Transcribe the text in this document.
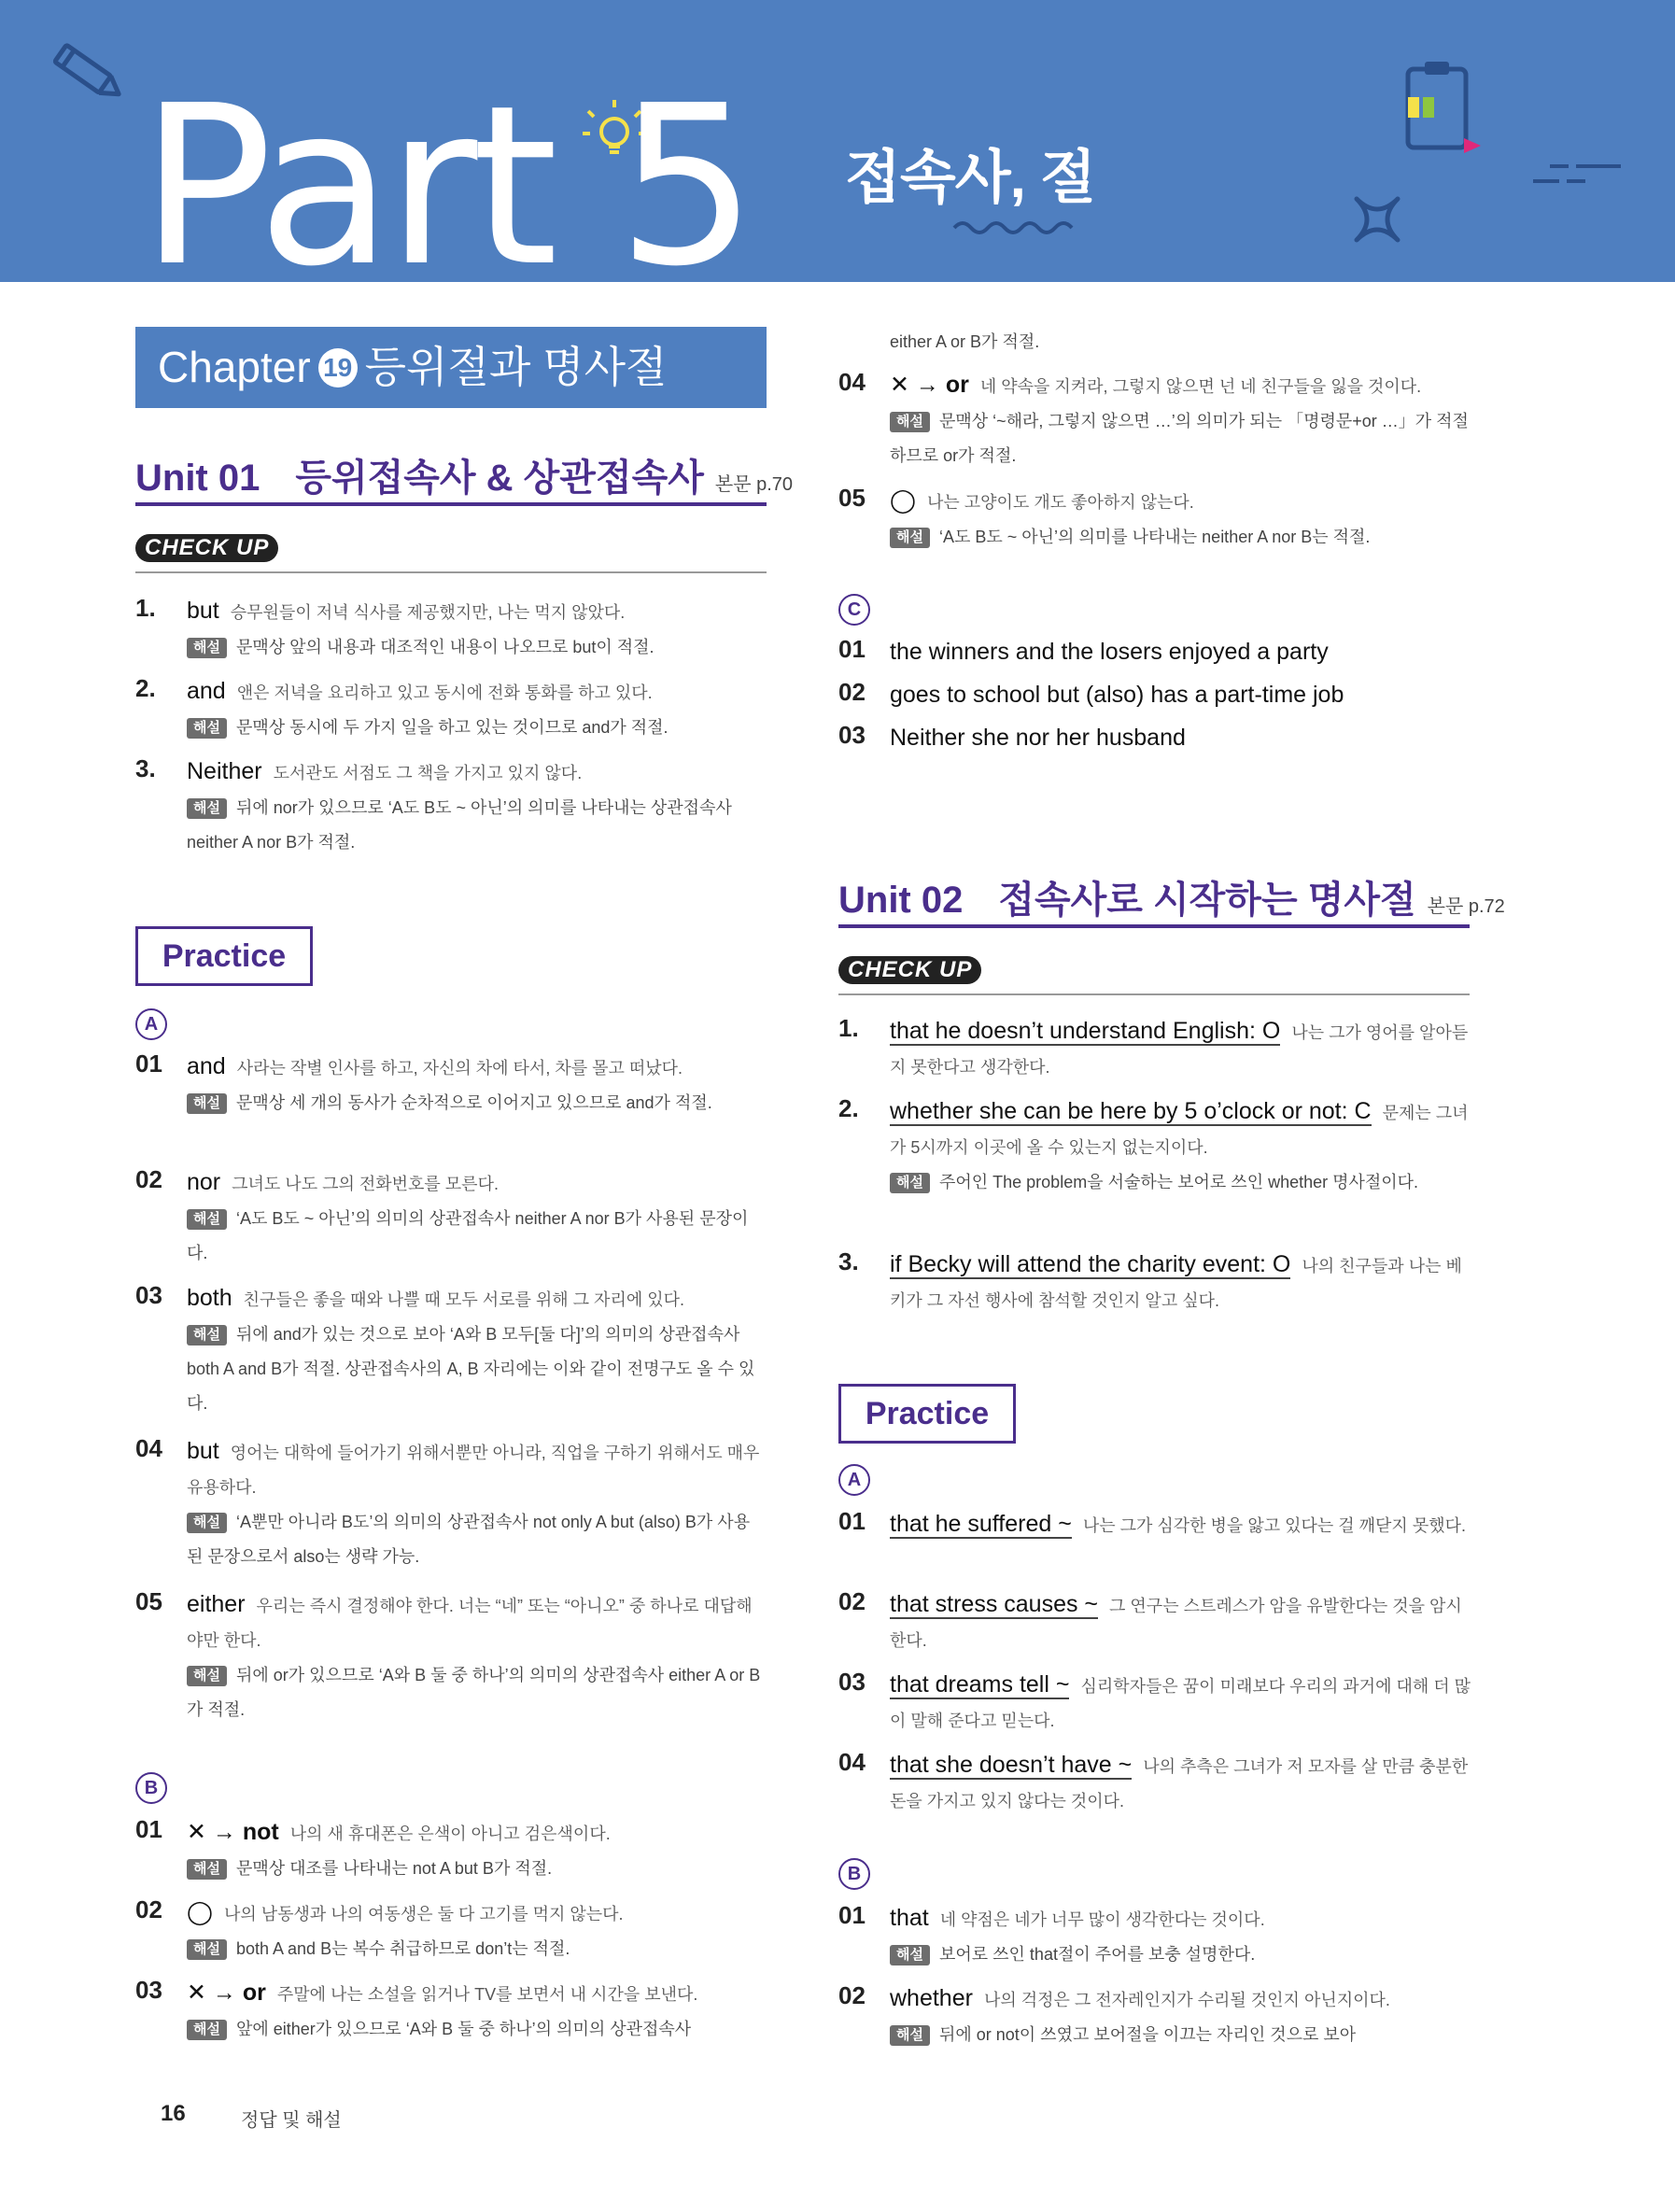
Part 5 접속사, 절
Chapter 19 등위절과 명사절
Unit 01 등위접속사 & 상관접속사 본문 p.70
CHECK UP
1. but 승무원들이 저녁 식사를 제공했지만, 나는 먹지 않았다.
해설 문맥상 앞의 내용과 대조적인 내용이 나오므로 but이 적절.
2. and 앤은 저녁을 요리하고 있고 동시에 전화 통화를 하고 있다.
해설 문맥상 동시에 두 가지 일을 하고 있는 것이므로 and가 적절.
3. Neither 도서관도 서점도 그 책을 가지고 있지 않다.
해설 뒤에 nor가 있으므로 ‘A도 B도 ~ 아닌’의 의미를 나타내는 상관접속사 neither A nor B가 적절.
Practice
A
01 and 사라는 작별 인사를 하고, 자신의 차에 타서, 차를 몰고 떠났다.
해설 문맥상 세 개의 동사가 순차적으로 이어지고 있으므로 and가 적절.
02 nor 그녀도 나도 그의 전화번호를 모른다.
해설 ‘A도 B도 ~ 아닌’의 의미의 상관접속사 neither A nor B가 사용된 문장이다.
03 both 친구들은 좋을 때와 나쁠 때 모두 서로를 위해 그 자리에 있다.
해설 뒤에 and가 있는 것으로 보아 ‘A와 B 모두[둘 다]’의 의미의 상관접속사 both A and B가 적절. 상관접속사의 A, B 자리에는 이와 같이 전명구도 올 수 있다.
04 but 영어는 대학에 들어가기 위해서뿐만 아니라, 직업을 구하기 위해서도 매우 유용하다.
해설 ‘A뿐만 아니라 B도’의 의미의 상관접속사 not only A but (also) B가 사용된 문장으로서 also는 생략 가능.
05 either 우리는 즉시 결정해야 한다. 너는 “네” 또는 “아니오” 중 하나로 대답해야만 한다.
해설 뒤에 or가 있으므로 ‘A와 B 둘 중 하나’의 의미의 상관접속사 either A or B가 적절.
B
01 ✕ → not 나의 새 휴대폰은 은색이 아니고 검은색이다.
해설 문맥상 대조를 나타내는 not A but B가 적절.
02 ◯ 나의 남동생과 나의 여동생은 둘 다 고기를 먹지 않는다.
해설 both A and B는 복수 취급하므로 don’t는 적절.
03 ✕ → or 주말에 나는 소설을 읽거나 TV를 보면서 내 시간을 보낸다.
해설 앞에 either가 있으므로 ‘A와 B 둘 중 하나’의 의미의 상관접속사
either A or B가 적절.
04 ✕ → or 네 약속을 지켜라, 그렇지 않으면 넌 네 친구들을 잃을 것이다.
해설 문맥상 ‘~해라, 그렇지 않으면 …’의 의미가 되는 「명령문+or …」가 적절하므로 or가 적절.
05 ◯ 나는 고양이도 개도 좋아하지 않는다.
해설 ‘A도 B도 ~ 아닌’의 의미를 나타내는 neither A nor B는 적절.
C
01 the winners and the losers enjoyed a party
02 goes to school but (also) has a part-time job
03 Neither she nor her husband
Unit 02 접속사로 시작하는 명사절 본문 p.72
CHECK UP
1. that he doesn’t understand English: O 나는 그가 영어를 알아듣지 못한다고 생각한다.
2. whether she can be here by 5 o’clock or not: C 문제는 그녀가 5시까지 이곳에 올 수 있는지 없는지이다.
해설 주어인 The problem을 서술하는 보어로 쓰인 whether 명사절이다.
3. if Becky will attend the charity event: O 나의 친구들과 나는 베키가 그 자선 행사에 참석할 것인지 알고 싶다.
Practice
A
01 that he suffered ~ 나는 그가 심각한 병을 앓고 있다는 걸 깨닫지 못했다.
02 that stress causes ~ 그 연구는 스트레스가 암을 유발한다는 것을 암시한다.
03 that dreams tell ~ 심리학자들은 꿈이 미래보다 우리의 과거에 대해 더 많이 말해 준다고 믿는다.
04 that she doesn’t have ~ 나의 추측은 그녀가 저 모자를 살 만큼 충분한 돈을 가지고 있지 않다는 것이다.
B
01 that 네 약점은 네가 너무 많이 생각한다는 것이다.
해설 보어로 쓰인 that절이 주어를 보충 설명한다.
02 whether 나의 걱정은 그 전자레인지가 수리될 것인지 아닌지이다.
해설 뒤에 or not이 쓰였고 보어절을 이끄는 자리인 것으로 보아
16	정답 및 해설
